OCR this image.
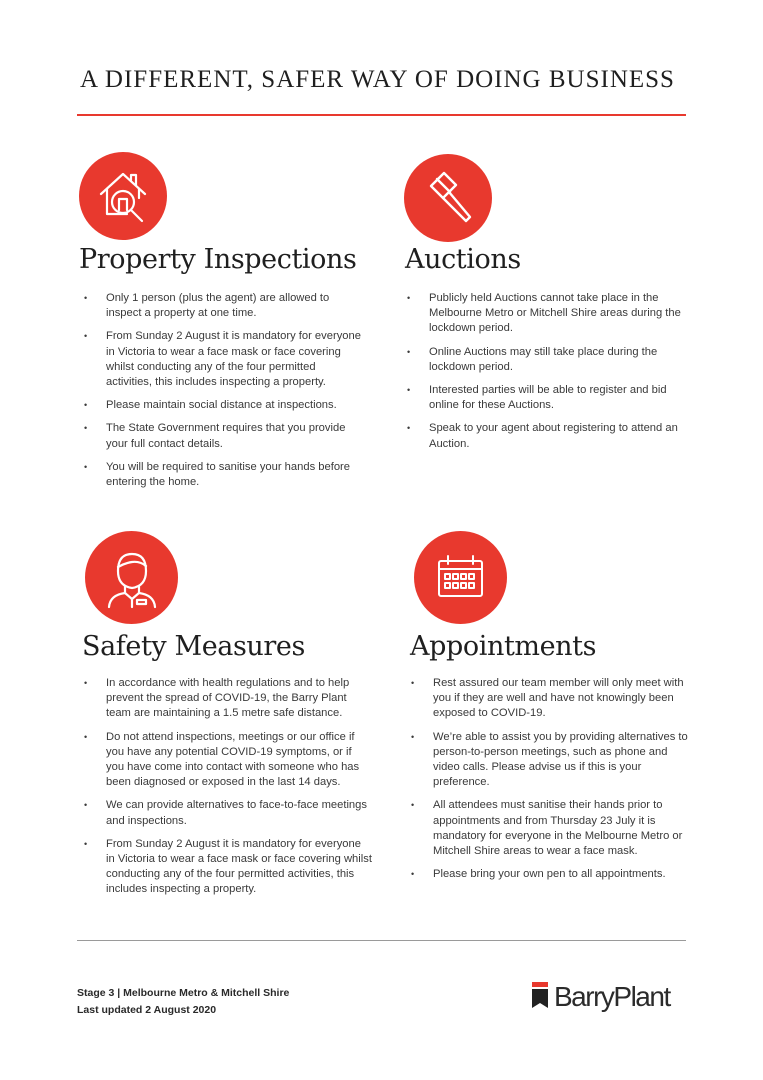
A DIFFERENT, SAFER WAY OF DOING BUSINESS
Property Inspections
• Only 1 person (plus the agent) are allowed to inspect a property at one time.
• From Sunday 2 August it is mandatory for everyone in Victoria to wear a face mask or face covering whilst conducting any of the four permitted activities, this includes inspecting a property.
• Please maintain social distance at inspections.
• The State Government requires that you provide your full contact details.
• You will be required to sanitise your hands before entering the home.
Auctions
• Publicly held Auctions cannot take place in the Melbourne Metro or Mitchell Shire areas during the lockdown period.
• Online Auctions may still take place during the lockdown period.
• Interested parties will be able to register and bid online for these Auctions.
• Speak to your agent about registering to attend an Auction.
Safety Measures
• In accordance with health regulations and to help prevent the spread of COVID-19, the Barry Plant team are maintaining a 1.5 metre safe distance.
• Do not attend inspections, meetings or our office if you have any potential COVID-19 symptoms, or if you have come into contact with someone who has been diagnosed or exposed in the last 14 days.
• We can provide alternatives to face-to-face meetings and inspections.
• From Sunday 2 August it is mandatory for everyone in Victoria to wear a face mask or face covering whilst conducting any of the four permitted activities, this includes inspecting a property.
Appointments
• Rest assured our team member will only meet with you if they are well and have not knowingly been exposed to COVID-19.
• We’re able to assist you by providing alternatives to person-to-person meetings, such as phone and video calls. Please advise us if this is your preference.
• All attendees must sanitise their hands prior to appointments and from Thursday 23 July it is mandatory for everyone in the Melbourne Metro or Mitchell Shire areas to wear a face mask.
• Please bring your own pen to all appointments.
Stage 3 | Melbourne Metro & Mitchell Shire
Last updated 2 August 2020	BarryPlant
